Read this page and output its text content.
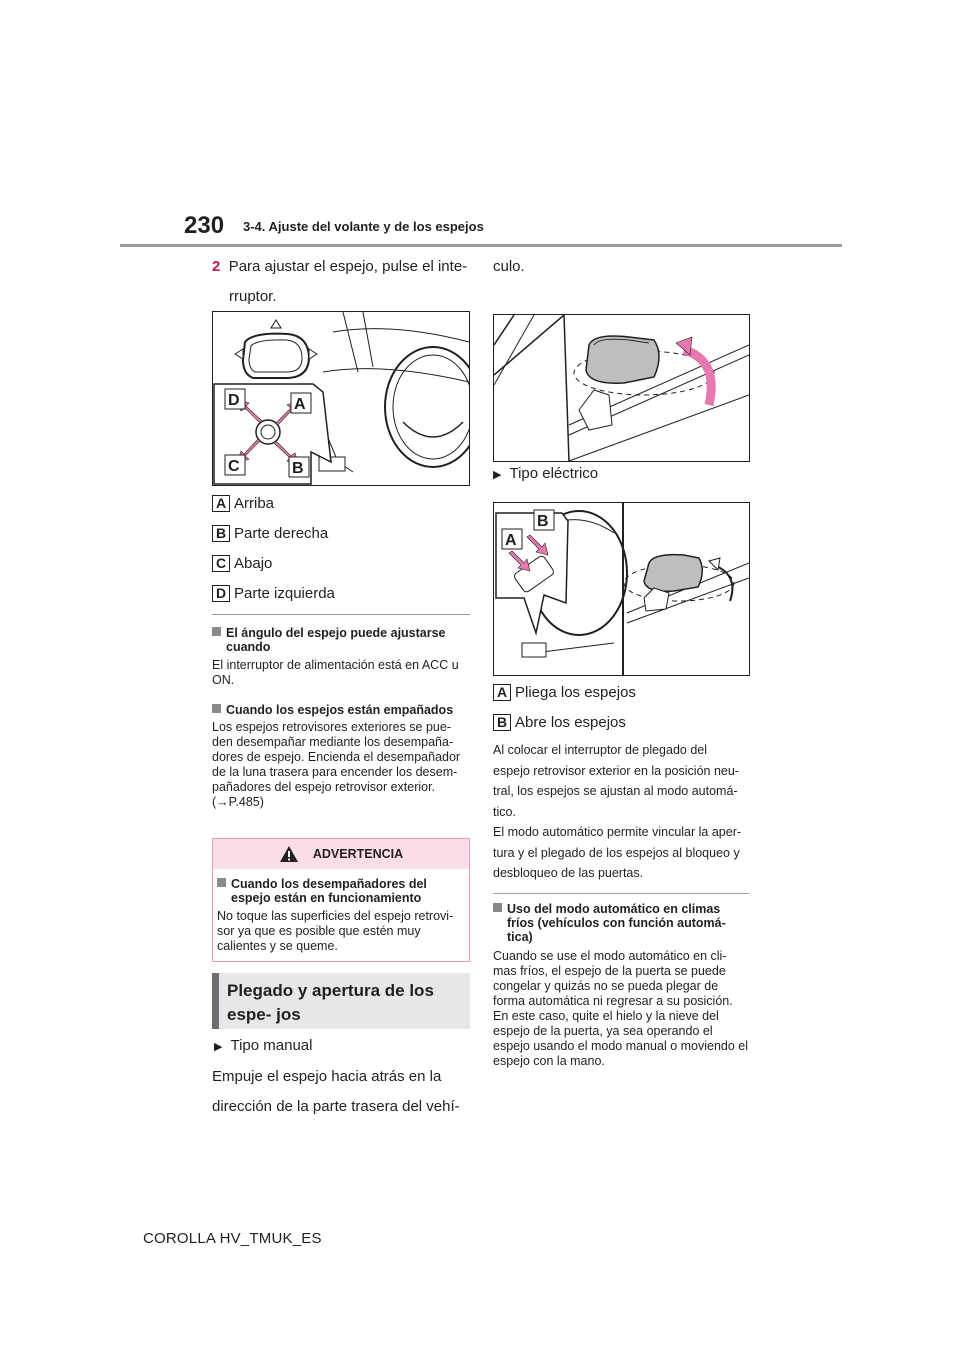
230 3-4. Ajuste del volante y de los espejos
2 Para ajustar el espejo, pulse el inte-
rruptor.
D	A
C	B
A Arriba
B Parte derecha
C Abajo
D Parte izquierda
El ángulo del espejo puede ajustarse cuando
El interruptor de alimentación está en ACC u ON.
Cuando los espejos están empañados
Los espejos retrovisores exteriores se pue- den desempañar mediante los desempaña- dores de espejo. Encienda el desempañador de la luna trasera para encender los desem- pañadores del espejo retrovisor exterior.
(→P.485)
ADVERTENCIA
Cuando los desempañadores del espejo están en funcionamiento
No toque las superficies del espejo retrovi- sor ya que es posible que estén muy calientes y se queme.
Plegado y apertura de los espe- jos
▶ Tipo manual
Empuje el espejo hacia atrás en la
dirección de la parte trasera del vehí-
culo.
▶ Tipo eléctrico
A
B
A Pliega los espejos
B Abre los espejos
Al colocar el interruptor de plegado del
espejo retrovisor exterior en la posición neu-
tral, los espejos se ajustan al modo automá-
tico.
El modo automático permite vincular la aper-
tura y el plegado de los espejos al bloqueo y
desbloqueo de las puertas.
Uso del modo automático en climas fríos (vehículos con función automá- tica)
Cuando se use el modo automático en cli- mas fríos, el espejo de la puerta se puede congelar y quizás no se pueda plegar de forma automática ni regresar a su posición. En este caso, quite el hielo y la nieve del espejo de la puerta, ya sea operando el espejo usando el modo manual o moviendo el espejo con la mano.
COROLLA HV_TMUK_ES
